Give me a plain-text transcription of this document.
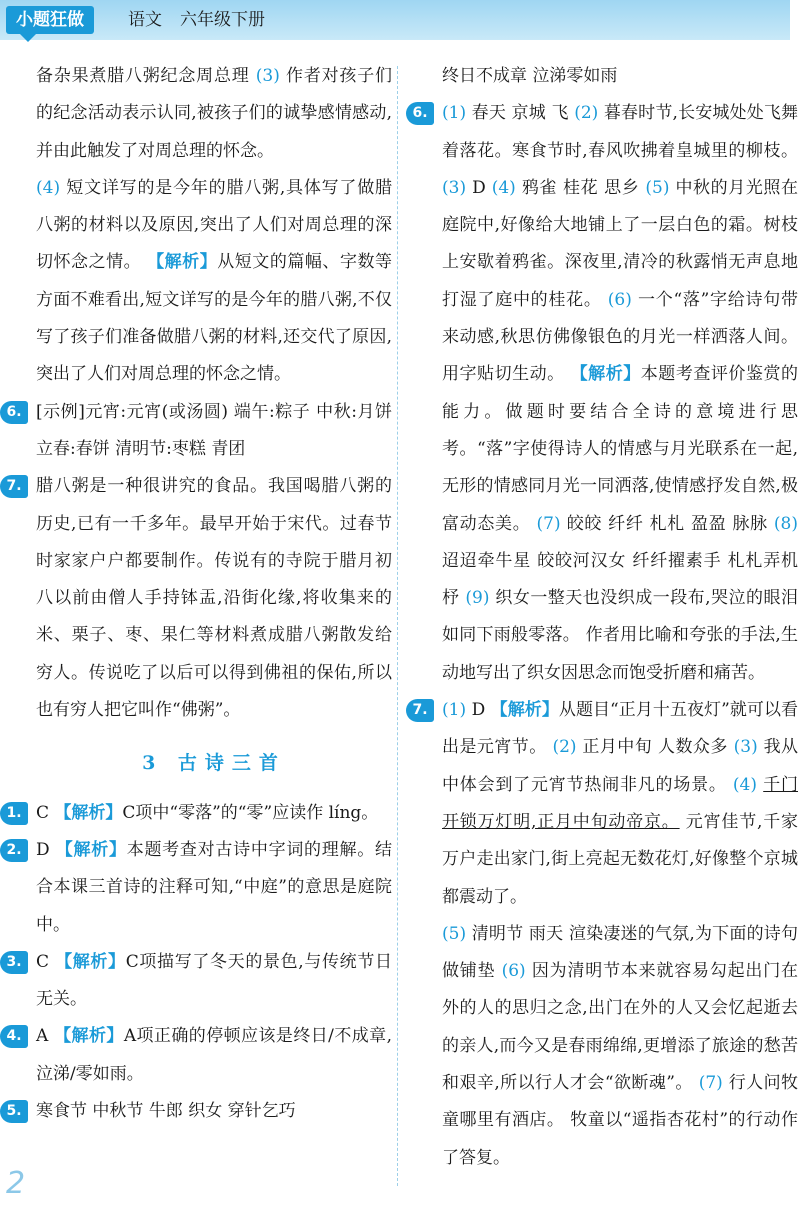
小题狂做	语文 六年级下册
备杂果煮腊八粥纪念周总理 (3) 作者对孩子们的纪念活动表示认同,被孩子们的诚挚感情感动,并由此触发了对周总理的怀念。
(4) 短文详写的是今年的腊八粥,具体写了做腊八粥的材料以及原因,突出了人们对周总理的深切怀念之情。 【解析】从短文的篇幅、字数等方面不难看出,短文详写的是今年的腊八粥,不仅写了孩子们准备做腊八粥的材料,还交代了原因,突出了人们对周总理的怀念之情。
6. [示例]元宵:元宵(或汤圆) 端午:粽子 中秋:月饼 立春:春饼 清明节:枣糕 青团
7. 腊八粥是一种很讲究的食品。我国喝腊八粥的历史,已有一千多年。最早开始于宋代。过春节时家家户户都要制作。传说有的寺院于腊月初八以前由僧人手持钵盂,沿街化缘,将收集来的米、栗子、枣、果仁等材料煮成腊八粥散发给穷人。传说吃了以后可以得到佛祖的保佑,所以也有穷人把它叫作“佛粥”。
3 古诗三首
1. C 【解析】C项中“零落”的“零”应读作 líng。
2. D 【解析】本题考查对古诗中字词的理解。结合本课三首诗的注释可知,“中庭”的意思是庭院中。
3. C 【解析】C项描写了冬天的景色,与传统节日无关。
4. A 【解析】A项正确的停顿应该是终日/不成章,泣涕/零如雨。
5. 寒食节 中秋节 牛郎 织女 穿针乞巧
终日不成章 泣涕零如雨
6. (1) 春天 京城 飞 (2) 暮春时节,长安城处处飞舞着落花。寒食节时,春风吹拂着皇城里的柳枝。 (3) D (4) 鸦雀 桂花 思乡 (5) 中秋的月光照在庭院中,好像给大地铺上了一层白色的霜。树枝上安歇着鸦雀。深夜里,清冷的秋露悄无声息地打湿了庭中的桂花。 (6) 一个“落”字给诗句带来动感,秋思仿佛像银色的月光一样洒落人间。用字贴切生动。 【解析】本题考查评价鉴赏的能力。做题时要结合全诗的意境进行思考。“落”字使得诗人的情感与月光联系在一起,无形的情感同月光一同洒落,使情感抒发自然,极富动态美。 (7) 皎皎 纤纤 札札 盈盈 脉脉 (8) 迢迢牵牛星 皎皎河汉女 纤纤擢素手 札札弄机杼 (9) 织女一整天也没织成一段布,哭泣的眼泪如同下雨般零落。 作者用比喻和夸张的手法,生动地写出了织女因思念而饱受折磨和痛苦。
7. (1) D 【解析】从题目“正月十五夜灯”就可以看出是元宵节。 (2) 正月中旬 人数众多 (3) 我从中体会到了元宵节热闹非凡的场景。 (4) 千门开锁万灯明,正月中旬动帝京。 元宵佳节,千家万户走出家门,街上亮起无数花灯,好像整个京城都震动了。
(5) 清明节 雨天 渲染凄迷的气氛,为下面的诗句做铺垫 (6) 因为清明节本来就容易勾起出门在外的人的思归之念,出门在外的人又会忆起逝去的亲人,而今又是春雨绵绵,更增添了旅途的愁苦和艰辛,所以行人才会“欲断魂”。 (7) 行人问牧童哪里有酒店。 牧童以“遥指杏花村”的行动作了答复。
2
